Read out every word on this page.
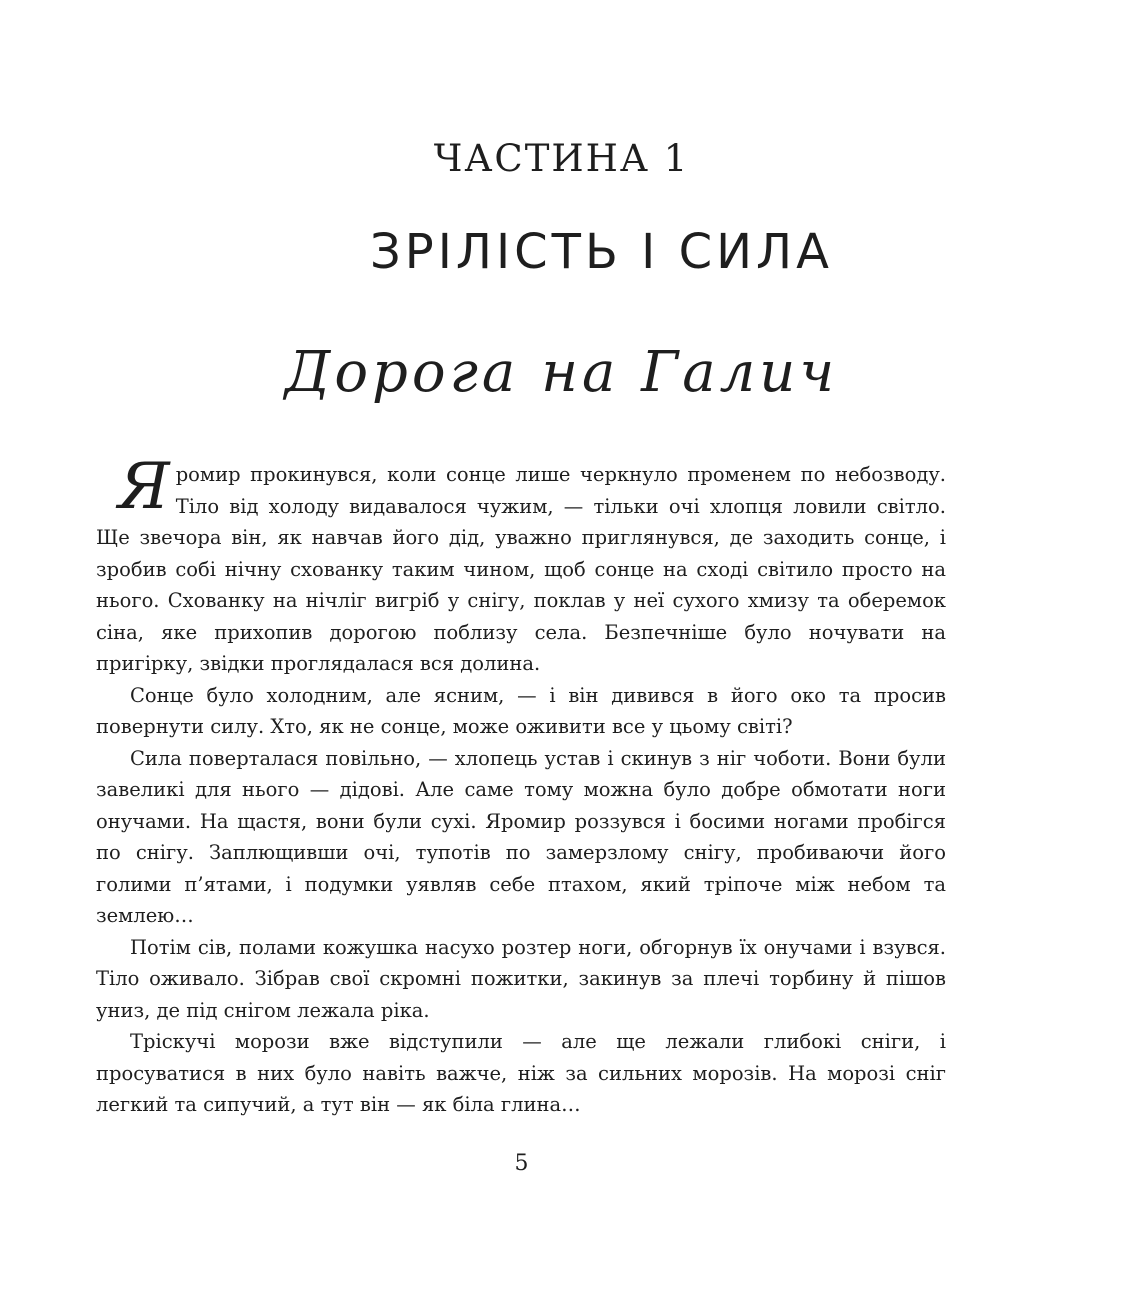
ЧАСТИНА 1
ЗРІЛІСТЬ І СИЛА
Дорога на Галич

Яромир прокинувся, коли сонце лише черкнуло променем по небозводу. Тіло від холоду видавалося чужим, — тільки очі хлопця ловили світло. Ще звечора він, як навчав його дід, уважно приглянувся, де заходить сонце, і зробив собі нічну схованку таким чином, щоб сонце на сході світило просто на нього. Схованку на нічліг вигріб у снігу, поклав у неї сухого хмизу та оберемок сіна, яке прихопив дорогою поблизу села. Безпечніше було ночувати на пригірку, звідки проглядалася вся долина.

Сонце було холодним, але ясним, — і він дивився в його око та просив повернути силу. Хто, як не сонце, може оживити все у цьому світі?

Сила поверталася повільно, — хлопець устав і скинув з ніг чоботи. Вони були завеликі для нього — дідові. Але саме тому можна було добре обмотати ноги онучами. На щастя, вони були сухі. Яромир роззувся і босими ногами пробігся по снігу. Заплющивши очі, тупотів по замерзлому снігу, пробиваючи його голими п’ятами, і подумки уявляв себе птахом, який тріпоче між небом та землею…

Потім сів, полами кожушка насухо розтер ноги, обгорнув їх онучами і взувся. Тіло оживало. Зібрав свої скромні пожитки, закинув за плечі торбину й пішов униз, де під снігом лежала ріка.

Тріскучі морози вже відступили — але ще лежали глибокі сніги, і просуватися в них було навіть важче, ніж за сильних морозів. На морозі сніг легкий та сипучий, а тут він — як біла глина…

5
